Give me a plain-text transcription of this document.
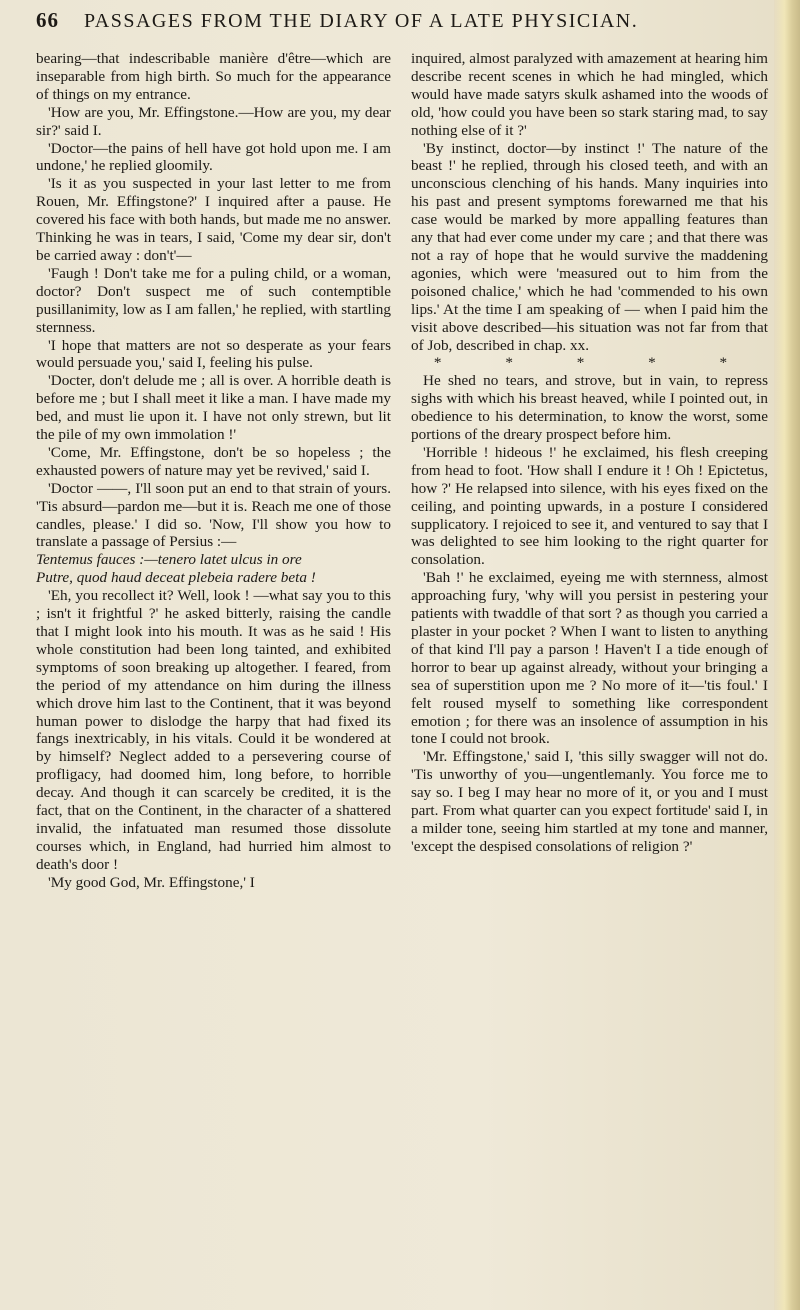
66 PASSAGES FROM THE DIARY OF A LATE PHYSICIAN.

bearing—that indescribable manière d'être—which are inseparable from high birth. So much for the appearance of things on my entrance.

'How are you, Mr. Effingstone.—How are you, my dear sir?' said I.

'Doctor—the pains of hell have got hold upon me. I am undone,' he replied gloomily.

'Is it as you suspected in your last letter to me from Rouen, Mr. Effingstone?' I inquired after a pause. He covered his face with both hands, but made me no answer. Thinking he was in tears, I said, 'Come my dear sir, don't be carried away : don't'—

'Faugh ! Don't take me for a puling child, or a woman, doctor? Don't suspect me of such contemptible pusillanimity, low as I am fallen,' he replied, with startling sternness.

'I hope that matters are not so desperate as your fears would persuade you,' said I, feeling his pulse.

'Docter, don't delude me ; all is over. A horrible death is before me ; but I shall meet it like a man. I have made my bed, and must lie upon it. I have not only strewn, but lit the pile of my own immolation !'

'Come, Mr. Effingstone, don't be so hopeless ; the exhausted powers of nature may yet be revived,' said I.

'Doctor ——, I'll soon put an end to that strain of yours. 'Tis absurd—pardon me—but it is. Reach me one of those candles, please.' I did so. 'Now, I'll show you how to translate a passage of Persius :—

Tentemus fauces :—tenero latet ulcus in ore

Putre, quod haud deceat plebeia radere beta !

'Eh, you recollect it? Well, look ! —what say you to this ; isn't it frightful ?' he asked bitterly, raising the candle that I might look into his mouth. It was as he said ! His whole constitution had been long tainted, and exhibited symptoms of soon breaking up altogether. I feared, from the period of my attendance on him during the illness which drove him last to the Continent, that it was beyond human power to dislodge the harpy that had fixed its fangs inextricably, in his vitals. Could it be wondered at by himself? Neglect added to a persevering course of profligacy, had doomed him, long before, to horrible decay. And though it can scarcely be credited, it is the fact, that on the Continent, in the character of a shattered invalid, the infatuated man resumed those dissolute courses which, in England, had hurried him almost to death's door !

'My good God, Mr. Effingstone,' I

inquired, almost paralyzed with amazement at hearing him describe recent scenes in which he had mingled, which would have made satyrs skulk ashamed into the woods of old, 'how could you have been so stark staring mad, to say nothing else of it ?'

'By instinct, doctor—by instinct !' The nature of the beast !' he replied, through his closed teeth, and with an unconscious clenching of his hands. Many inquiries into his past and present symptoms forewarned me that his case would be marked by more appalling features than any that had ever come under my care ; and that there was not a ray of hope that he would survive the maddening agonies, which were 'measured out to him from the poisoned chalice,' which he had 'commended to his own lips.' At the time I am speaking of — when I paid him the visit above described—his situation was not far from that of Job, described in chap. xx.

* * * * *

He shed no tears, and strove, but in vain, to repress sighs with which his breast heaved, while I pointed out, in obedience to his determination, to know the worst, some portions of the dreary prospect before him.

'Horrible ! hideous !' he exclaimed, his flesh creeping from head to foot. 'How shall I endure it ! Oh ! Epictetus, how ?' He relapsed into silence, with his eyes fixed on the ceiling, and pointing upwards, in a posture I considered supplicatory. I rejoiced to see it, and ventured to say that I was delighted to see him looking to the right quarter for consolation.

'Bah !' he exclaimed, eyeing me with sternness, almost approaching fury, 'why will you persist in pestering your patients with twaddle of that sort ? as though you carried a plaster in your pocket ? When I want to listen to anything of that kind I'll pay a parson ! Haven't I a tide enough of horror to bear up against already, without your bringing a sea of superstition upon me ? No more of it—'tis foul.' I felt roused myself to something like correspondent emotion ; for there was an insolence of assumption in his tone I could not brook.

'Mr. Effingstone,' said I, 'this silly swagger will not do. 'Tis unworthy of you—ungentlemanly. You force me to say so. I beg I may hear no more of it, or you and I must part. From what quarter can you expect fortitude' said I, in a milder tone, seeing him startled at my tone and manner, 'except the despised consolations of religion ?'
